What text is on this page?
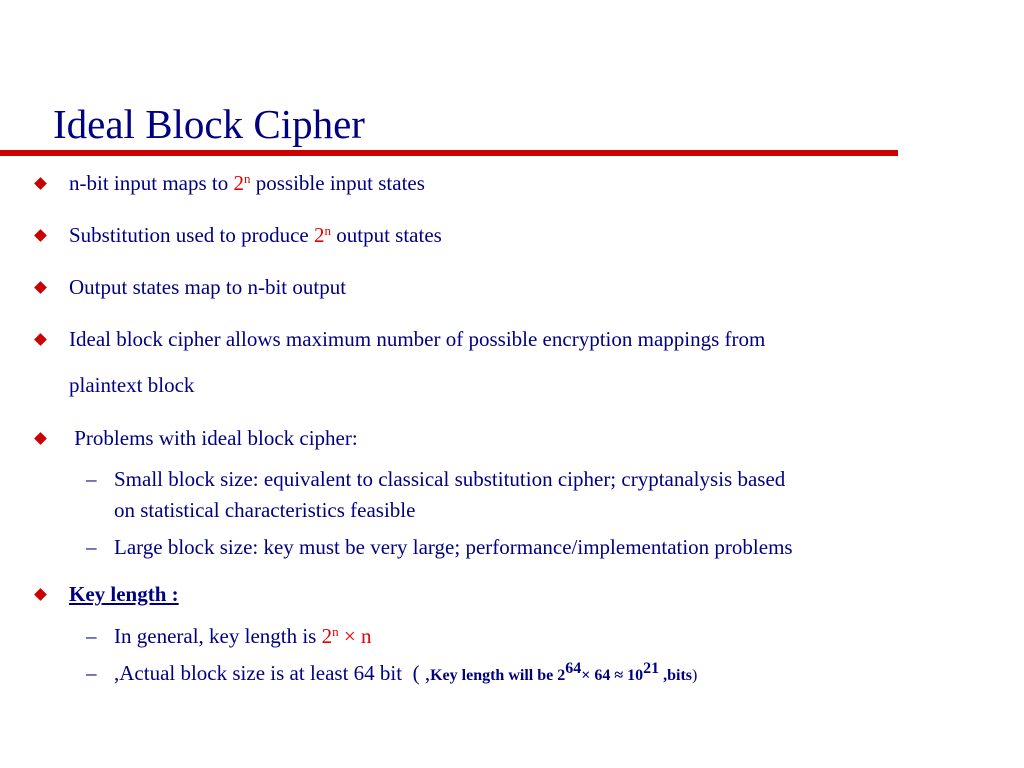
Ideal Block Cipher
n-bit input maps to 2$^n$ possible input states
Substitution used to produce 2$^n$ output states
Output states map to n-bit output
Ideal block cipher allows maximum number of possible encryption mappings from
plaintext block
Problems with ideal block cipher:
– Small block size: equivalent to classical substitution cipher; cryptanalysis based
on statistical characteristics feasible
– Large block size: key must be very large; performance/implementation problems
Key length :
– In general, key length is $2^n \times n$
– ,Actual block size is at least 64 bit  ( ,Key length will be $2^{64}\times 64 \approx 10^{21}$ ,bits)
